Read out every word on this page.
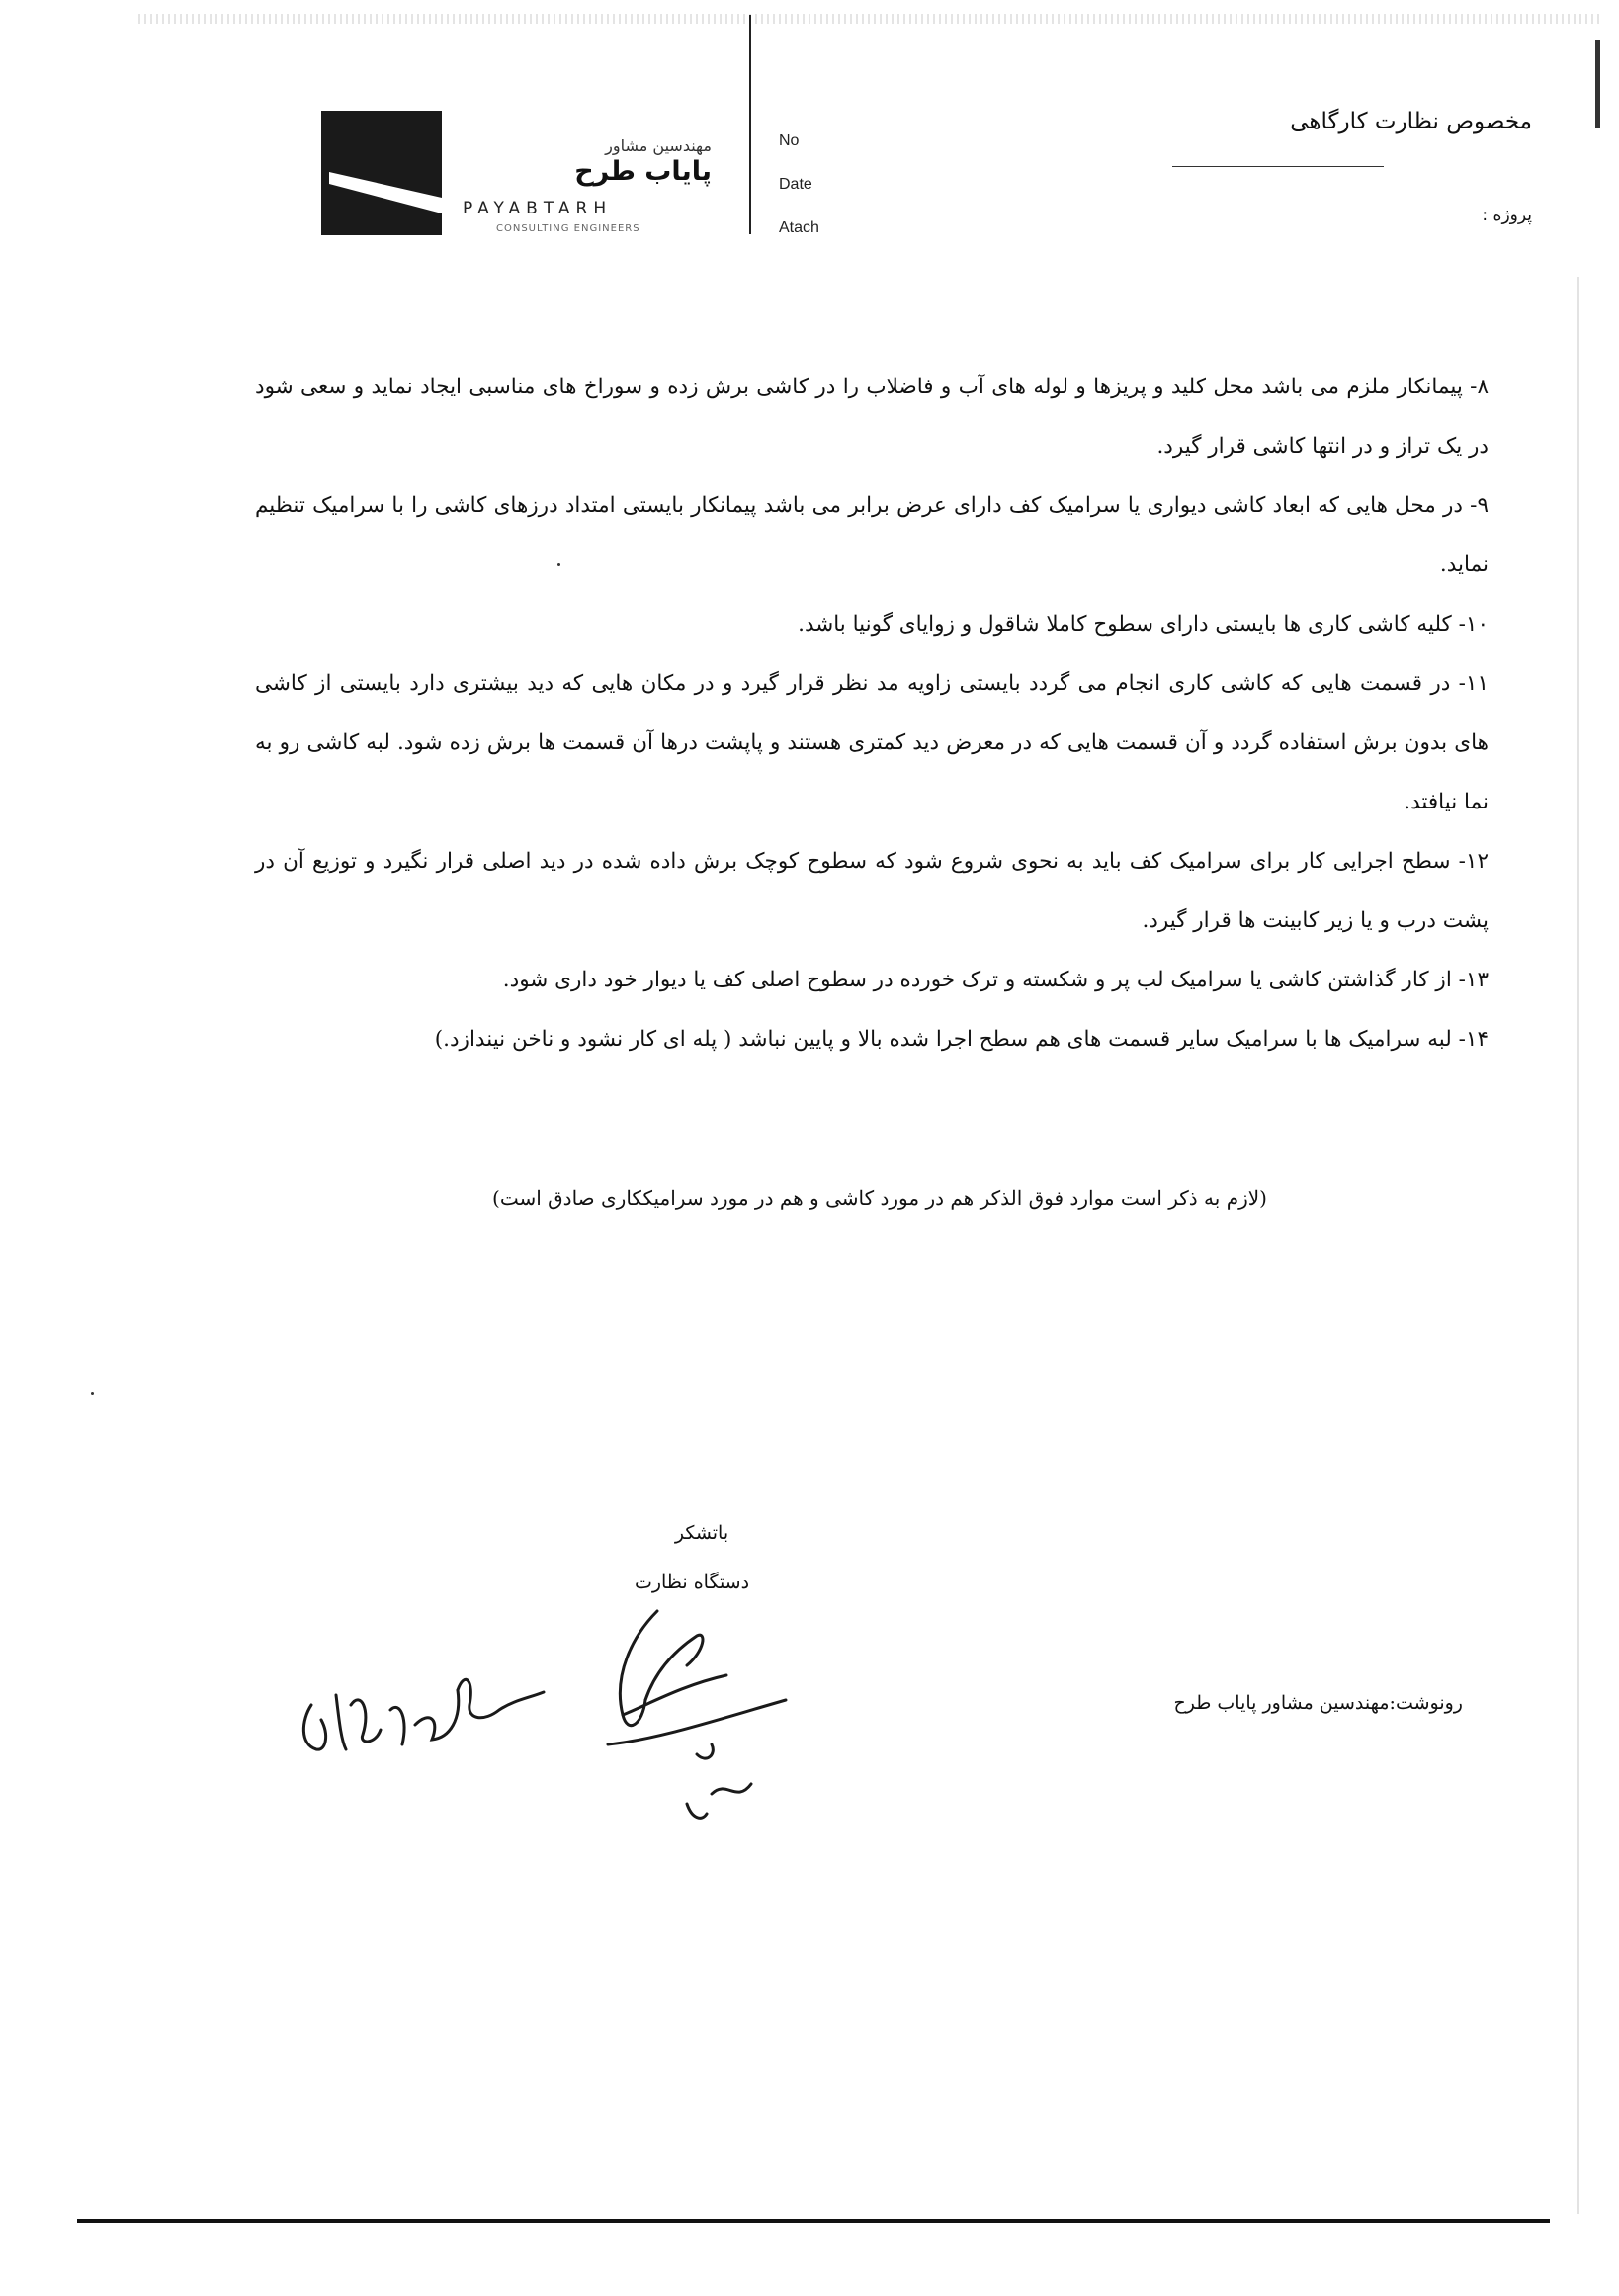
مهندسین مشاور
پایاب طرح
PAYABTARH
CONSULTING ENGINEERS
No
Date
Atach
مخصوص نظارت کارگاهی
پروژه :

۸- پیمانکار ملزم می باشد محل کلید و پریزها و لوله های آب و فاضلاب را در کاشی برش زده و سوراخ های مناسبی ایجاد نماید و سعی شود در یک تراز و در انتها کاشی قرار گیرد.

۹- در محل هایی که ابعاد کاشی دیواری یا سرامیک کف دارای عرض برابر می باشد پیمانکار بایستی امتداد درزهای کاشی را با سرامیک تنظیم نماید.

۱۰- کلیه کاشی کاری ها بایستی دارای سطوح کاملا شاقول و زوایای گونیا باشد.

۱۱- در قسمت هایی که کاشی کاری انجام می گردد بایستی زاویه مد نظر قرار گیرد و در مکان هایی که دید بیشتری دارد بایستی از کاشی های بدون برش استفاده گردد و آن قسمت هایی که در معرض دید کمتری هستند و پاپشت درها آن قسمت ها برش زده شود. لبه کاشی رو به نما نیافتد.

۱۲- سطح اجرایی کار برای سرامیک کف باید به نحوی شروع شود که سطوح کوچک برش داده شده در دید اصلی قرار نگیرد و توزیع آن در پشت درب و یا زیر کابینت ها قرار گیرد.

۱۳- از کار گذاشتن کاشی یا سرامیک لب پر و شکسته و ترک خورده در سطوح اصلی کف یا دیوار خود داری شود.

۱۴- لبه سرامیک ها با سرامیک سایر قسمت های هم سطح اجرا شده بالا و پایین نباشد ( پله ای کار نشود و ناخن نیندازد.)

(لازم به ذکر است موارد فوق الذکر هم در مورد کاشی و هم در مورد سرامیککاری صادق است)
باتشکر
دستگاه نظارت
رونوشت:مهندسین مشاور پایاب طرح
